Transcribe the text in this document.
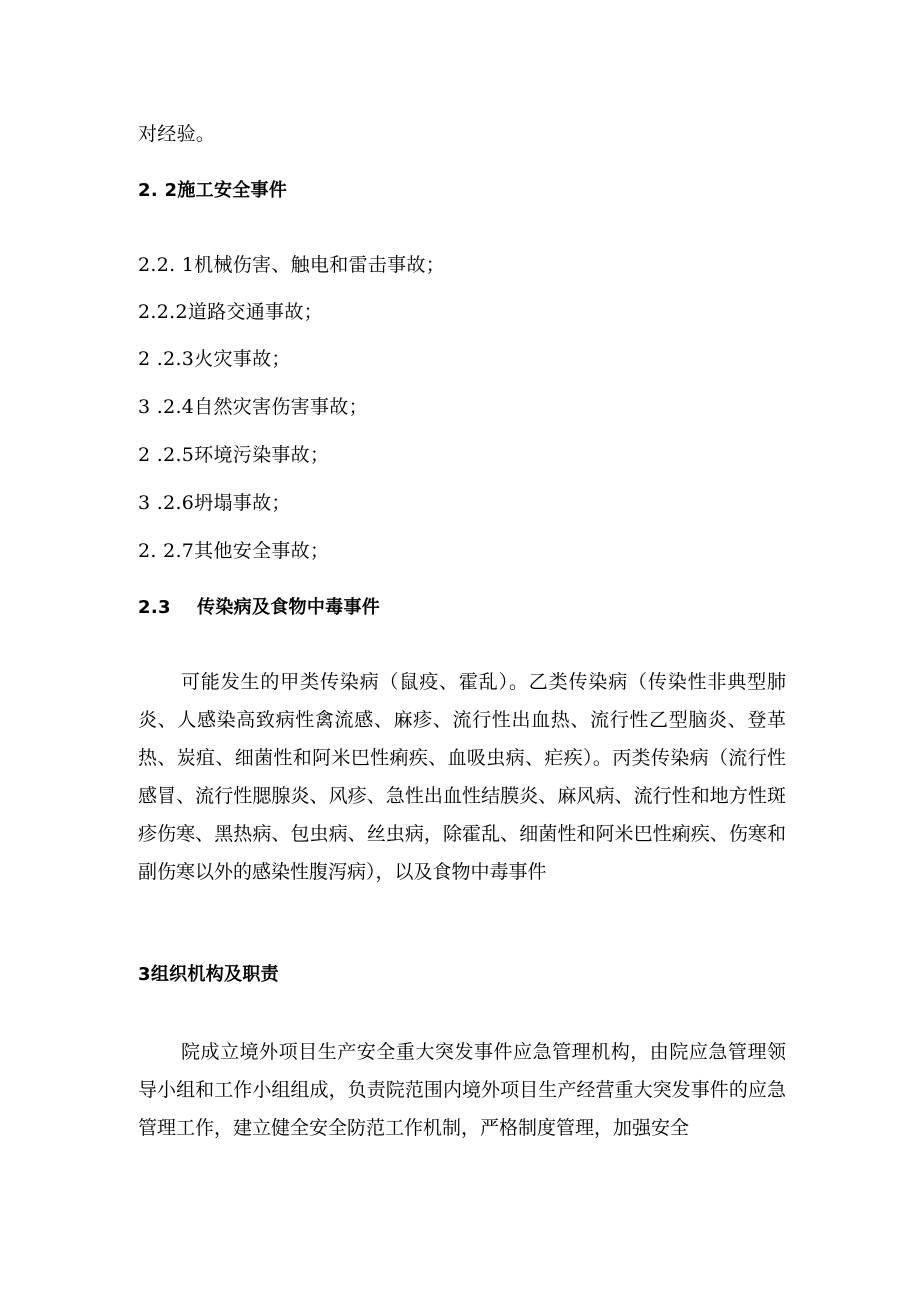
对经验。
2. 2施工安全事件
2.2. 1机械伤害、触电和雷击事故；
2.2.2道路交通事故；
2 .2.3火灾事故；
3 .2.4自然灾害伤害事故；
2 .2.5环境污染事故；
3 .2.6坍塌事故；
2. 2.7其他安全事故；
2.3    传染病及食物中毒事件

可能发生的甲类传染病（鼠疫、霍乱）。乙类传染病（传染性非典型肺炎、人感染高致病性禽流感、麻疹、流行性出血热、流行性乙型脑炎、登革热、炭疽、细菌性和阿米巴性痢疾、血吸虫病、疟疾）。丙类传染病（流行性感冒、流行性腮腺炎、风疹、急性出血性结膜炎、麻风病、流行性和地方性斑疹伤寒、黑热病、包虫病、丝虫病，除霍乱、细菌性和阿米巴性痢疾、伤寒和副伤寒以外的感染性腹泻病），以及食物中毒事件

3组织机构及职责

院成立境外项目生产安全重大突发事件应急管理机构，由院应急管理领导小组和工作小组组成，负责院范围内境外项目生产经营重大突发事件的应急管理工作，建立健全安全防范工作机制，严格制度管理，加强安全
